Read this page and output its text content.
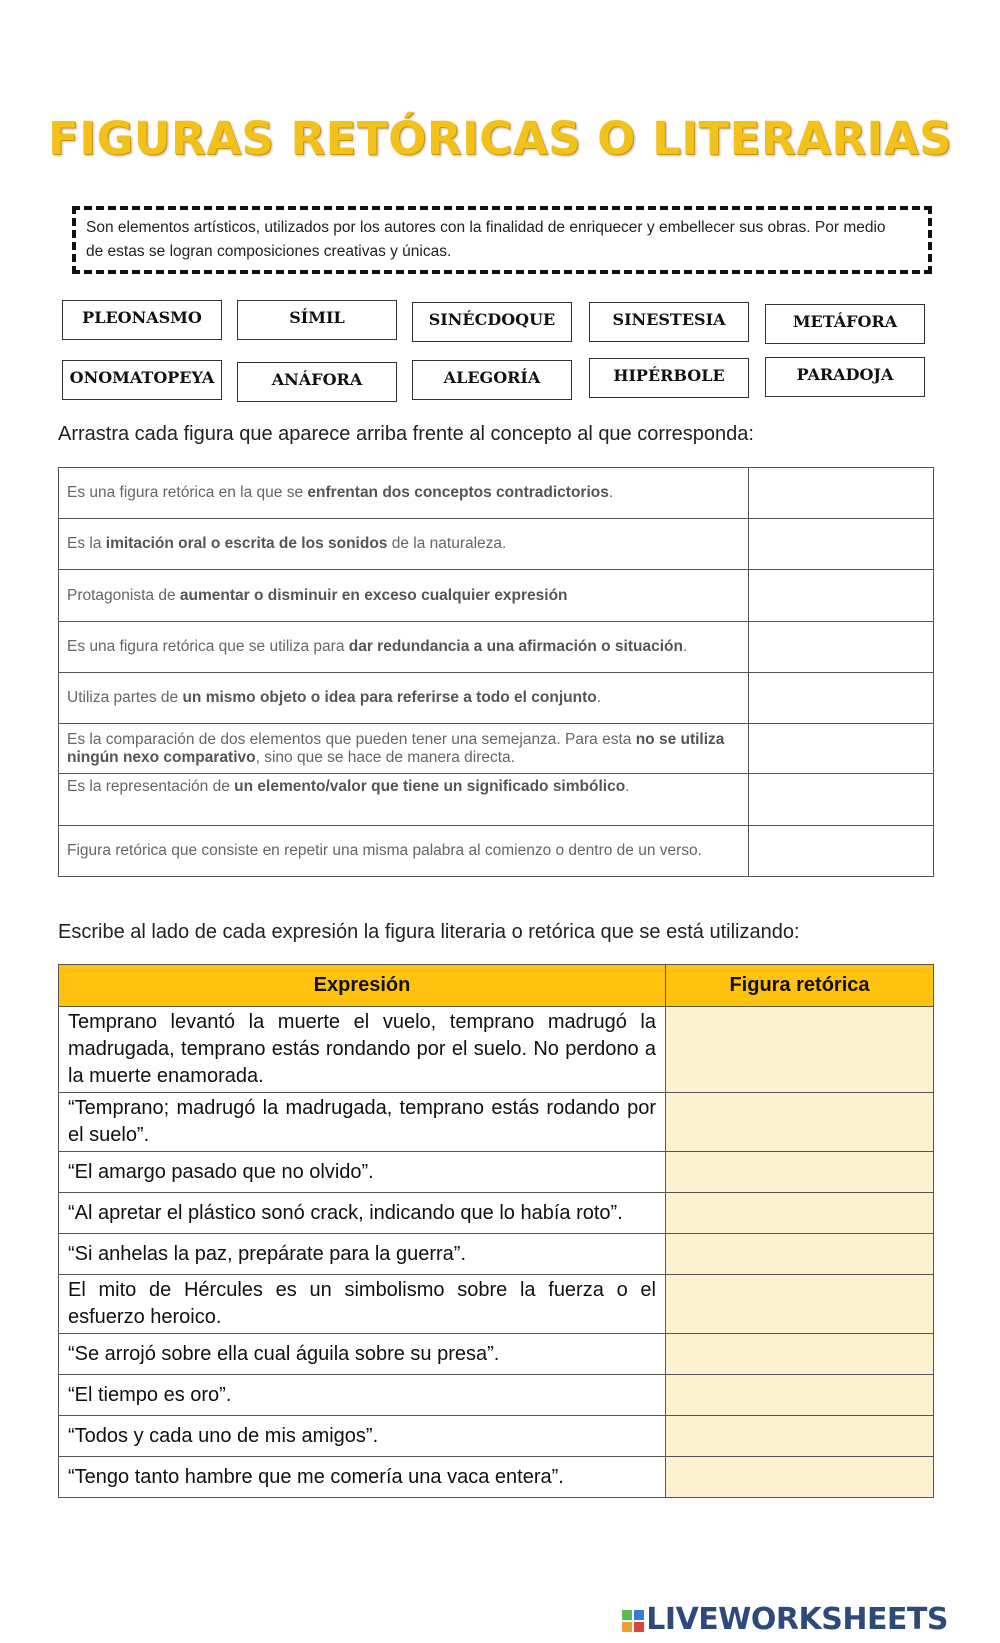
FIGURAS RETÓRICAS O LITERARIAS
Son elementos artísticos, utilizados por los autores con la finalidad de enriquecer y embellecer sus obras. Por medio de estas se logran composiciones creativas y únicas.
PLEONASMO	SÍMIL	SINÉCDOQUE	SINESTESIA	METÁFORA
ONOMATOPEYA	ANÁFORA	ALEGORÍA	HIPÉRBOLE	PARADOJA
Arrastra cada figura que aparece arriba frente al concepto al que corresponda:
Es una figura retórica en la que se enfrentan dos conceptos contradictorios.	
Es la imitación oral o escrita de los sonidos de la naturaleza.	
Protagonista de aumentar o disminuir en exceso cualquier expresión	
Es una figura retórica que se utiliza para dar redundancia a una afirmación o situación.	
Utiliza partes de un mismo objeto o idea para referirse a todo el conjunto.	
Es la comparación de dos elementos que pueden tener una semejanza. Para esta no se utiliza ningún nexo comparativo, sino que se hace de manera directa.	
Es la representación de un elemento/valor que tiene un significado simbólico.	
Figura retórica que consiste en repetir una misma palabra al comienzo o dentro de un verso.	
Escribe al lado de cada expresión la figura literaria o retórica que se está utilizando:
Expresión	Figura retórica
Temprano levantó la muerte el vuelo, temprano madrugó la madrugada, temprano estás rondando por el suelo. No perdono a la muerte enamorada.	
“Temprano; madrugó la madrugada, temprano estás rodando por el suelo”.	
“El amargo pasado que no olvido”.	
“Al apretar el plástico sonó crack, indicando que lo había roto”.	
“Si anhelas la paz, prepárate para la guerra”.	
El mito de Hércules es un simbolismo sobre la fuerza o el esfuerzo heroico.	
“Se arrojó sobre ella cual águila sobre su presa”.	
“El tiempo es oro”.	
“Todos y cada uno de mis amigos”.	
“Tengo tanto hambre que me comería una vaca entera”.	
LIVEWORKSHEETS
